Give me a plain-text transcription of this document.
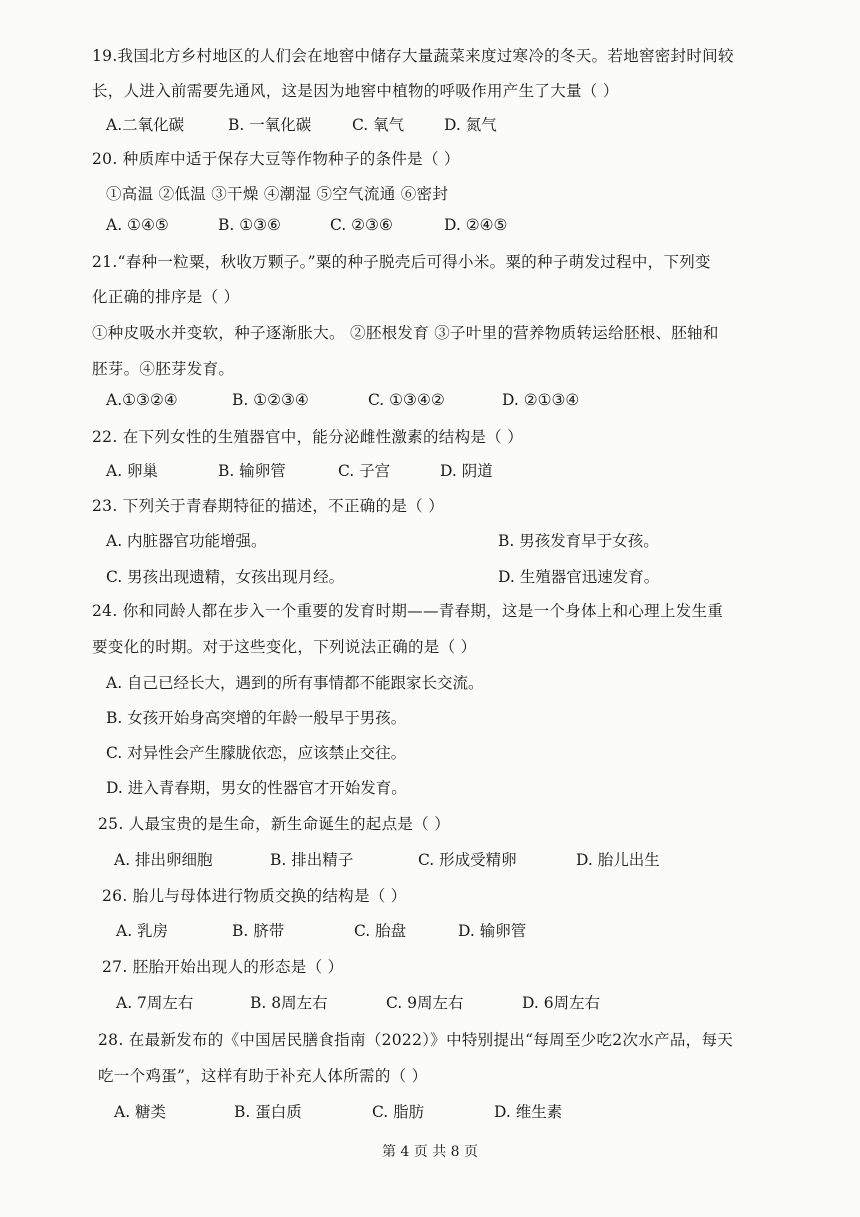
19.我国北方乡村地区的人们会在地窖中储存大量蔬菜来度过寒冷的冬天。若地窖密封时间较
长，人进入前需要先通风，这是因为地窖中植物的呼吸作用产生了大量（ ）
A.二氧化碳	B. 一氧化碳	C. 氧气	D. 氮气
20. 种质库中适于保存大豆等作物种子的条件是（ ）
①高温 ②低温 ③干燥 ④潮湿 ⑤空气流通 ⑥密封
A. ①④⑤	B. ①③⑥	C. ②③⑥	D. ②④⑤
21.“春种一粒粟，秋收万颗子。”粟的种子脱壳后可得小米。粟的种子萌发过程中，下列变
化正确的排序是（ ）
①种皮吸水并变软，种子逐渐胀大。 ②胚根发育 ③子叶里的营养物质转运给胚根、胚轴和
胚芽。④胚芽发育。
A.①③②④	B. ①②③④	C. ①③④②	D. ②①③④
22. 在下列女性的生殖器官中，能分泌雌性激素的结构是（ ）
A. 卵巢	B. 输卵管	C. 子宫	D. 阴道
23. 下列关于青春期特征的描述，不正确的是（ ）
A. 内脏器官功能增强。	B. 男孩发育早于女孩。
C. 男孩出现遗精，女孩出现月经。	D. 生殖器官迅速发育。
24. 你和同龄人都在步入一个重要的发育时期——青春期，这是一个身体上和心理上发生重
要变化的时期。对于这些变化，下列说法正确的是（ ）
A. 自己已经长大，遇到的所有事情都不能跟家长交流。
B. 女孩开始身高突增的年龄一般早于男孩。
C. 对异性会产生朦胧依恋，应该禁止交往。
D. 进入青春期，男女的性器官才开始发育。
25. 人最宝贵的是生命，新生命诞生的起点是（ ）
A. 排出卵细胞	B. 排出精子	C. 形成受精卵	D. 胎儿出生
26. 胎儿与母体进行物质交换的结构是（ ）
A. 乳房	B. 脐带	C. 胎盘	D. 输卵管
27. 胚胎开始出现人的形态是（ ）
A. 7周左右	B. 8周左右	C. 9周左右	D. 6周左右
28. 在最新发布的《中国居民膳食指南（2022）》中特别提出“每周至少吃2次水产品，每天
吃一个鸡蛋”，这样有助于补充人体所需的（ ）
A. 糖类	B. 蛋白质	C. 脂肪	D. 维生素
第 4 页 共 8 页
